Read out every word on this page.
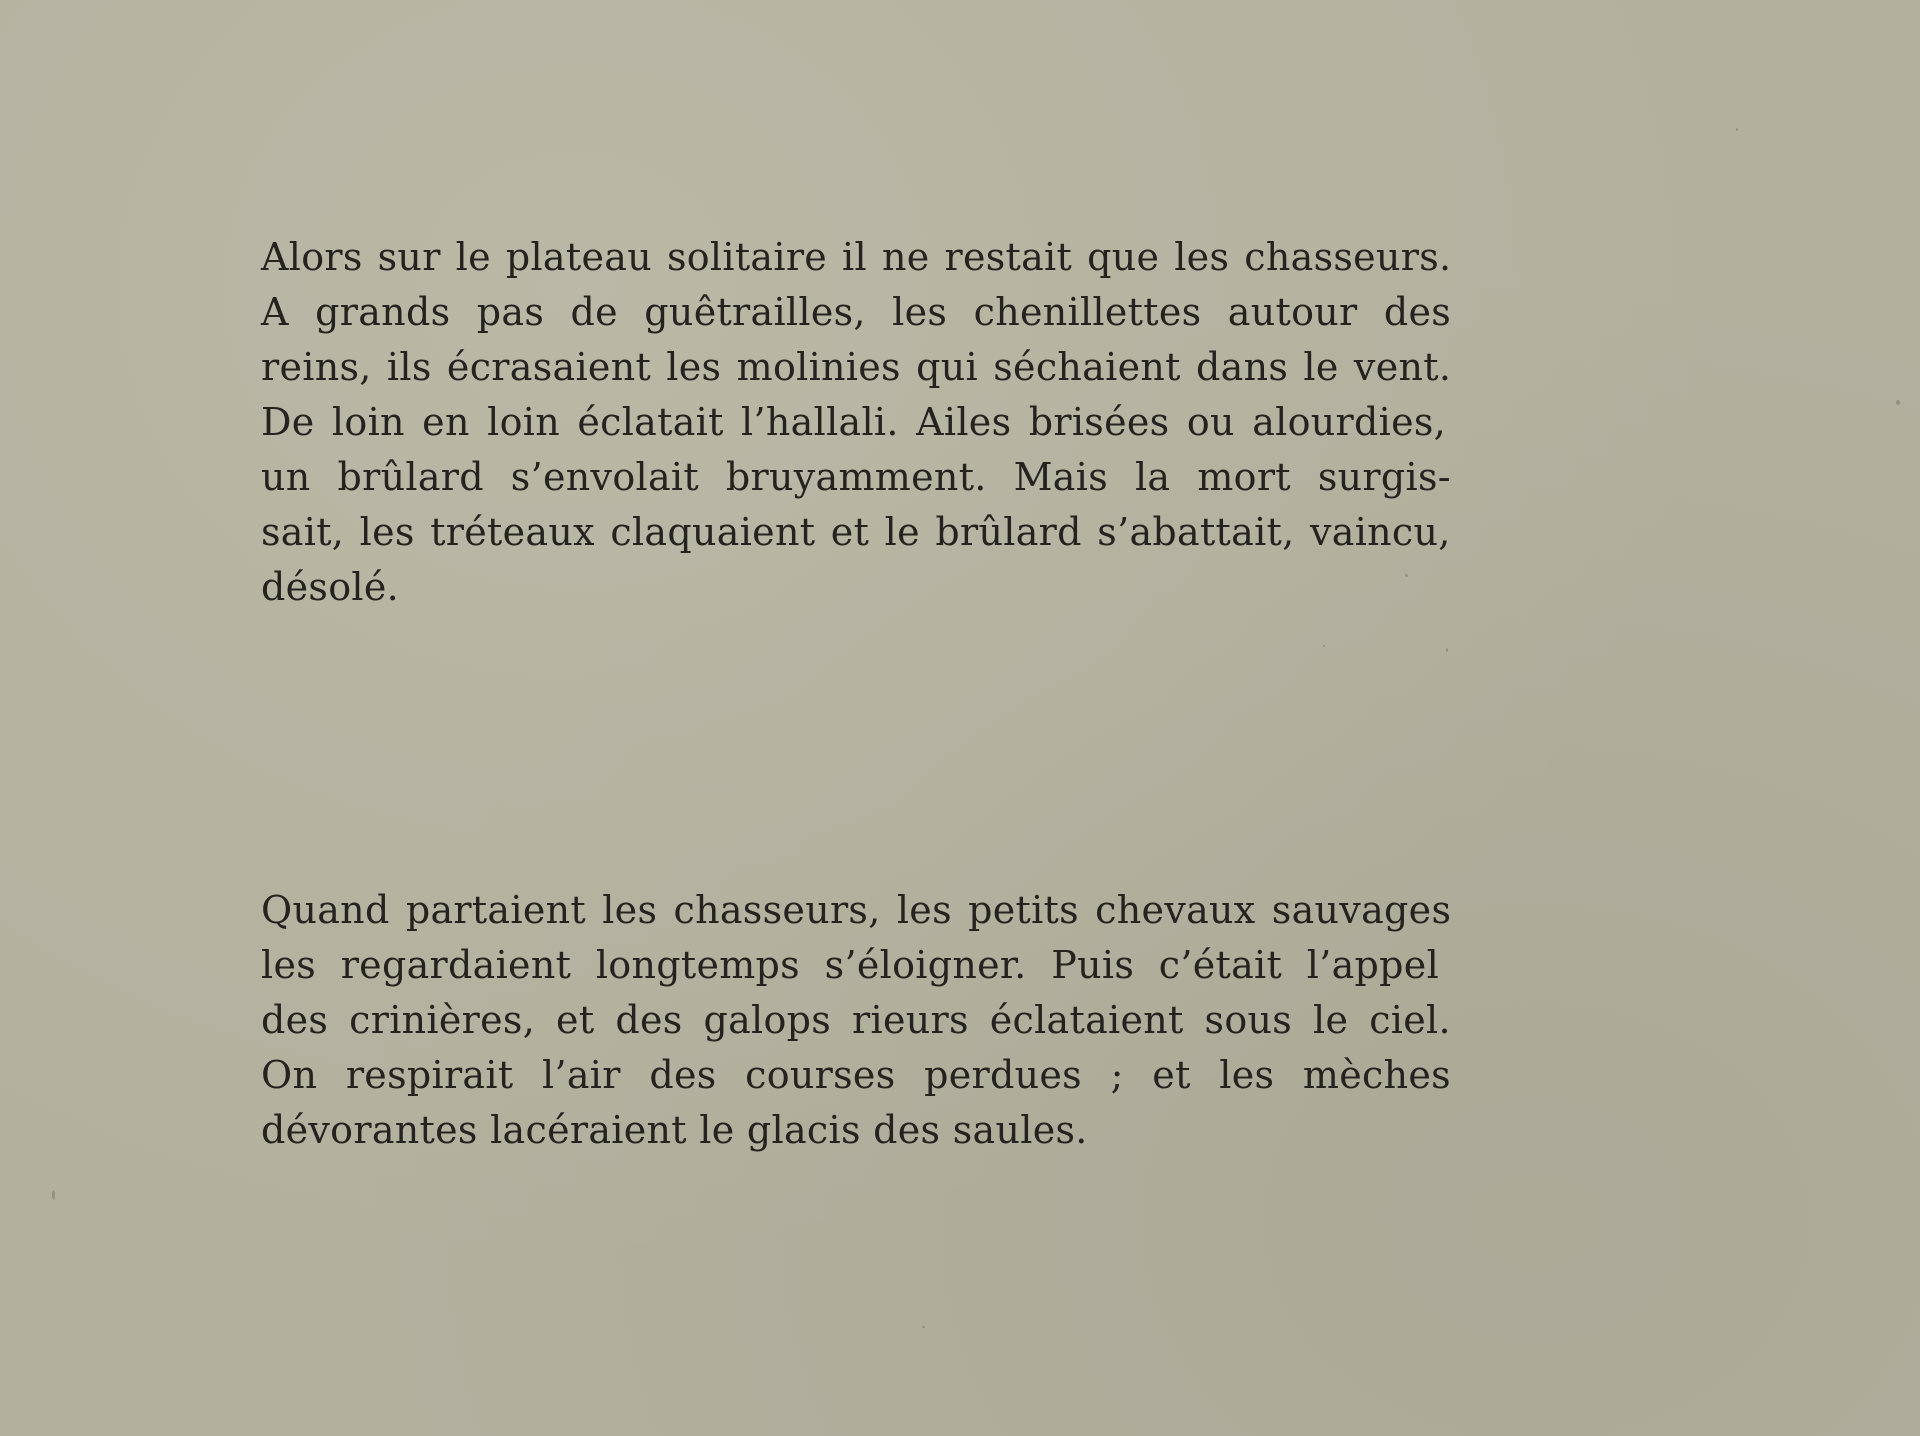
Alors sur le plateau solitaire il ne restait que les chasseurs.
A grands pas de guêtrailles, les chenillettes autour des
reins, ils écrasaient les molinies qui séchaient dans le vent.
De loin en loin éclatait l’hallali. Ailes brisées ou alourdies,
un brûlard s’envolait bruyamment. Mais la mort surgis-
sait, les tréteaux claquaient et le brûlard s’abattait, vaincu,
désolé.
Quand partaient les chasseurs, les petits chevaux sauvages
les regardaient longtemps s’éloigner. Puis c’était l’appel
des crinières, et des galops rieurs éclataient sous le ciel.
On respirait l’air des courses perdues ; et les mèches
dévorantes lacéraient le glacis des saules.
